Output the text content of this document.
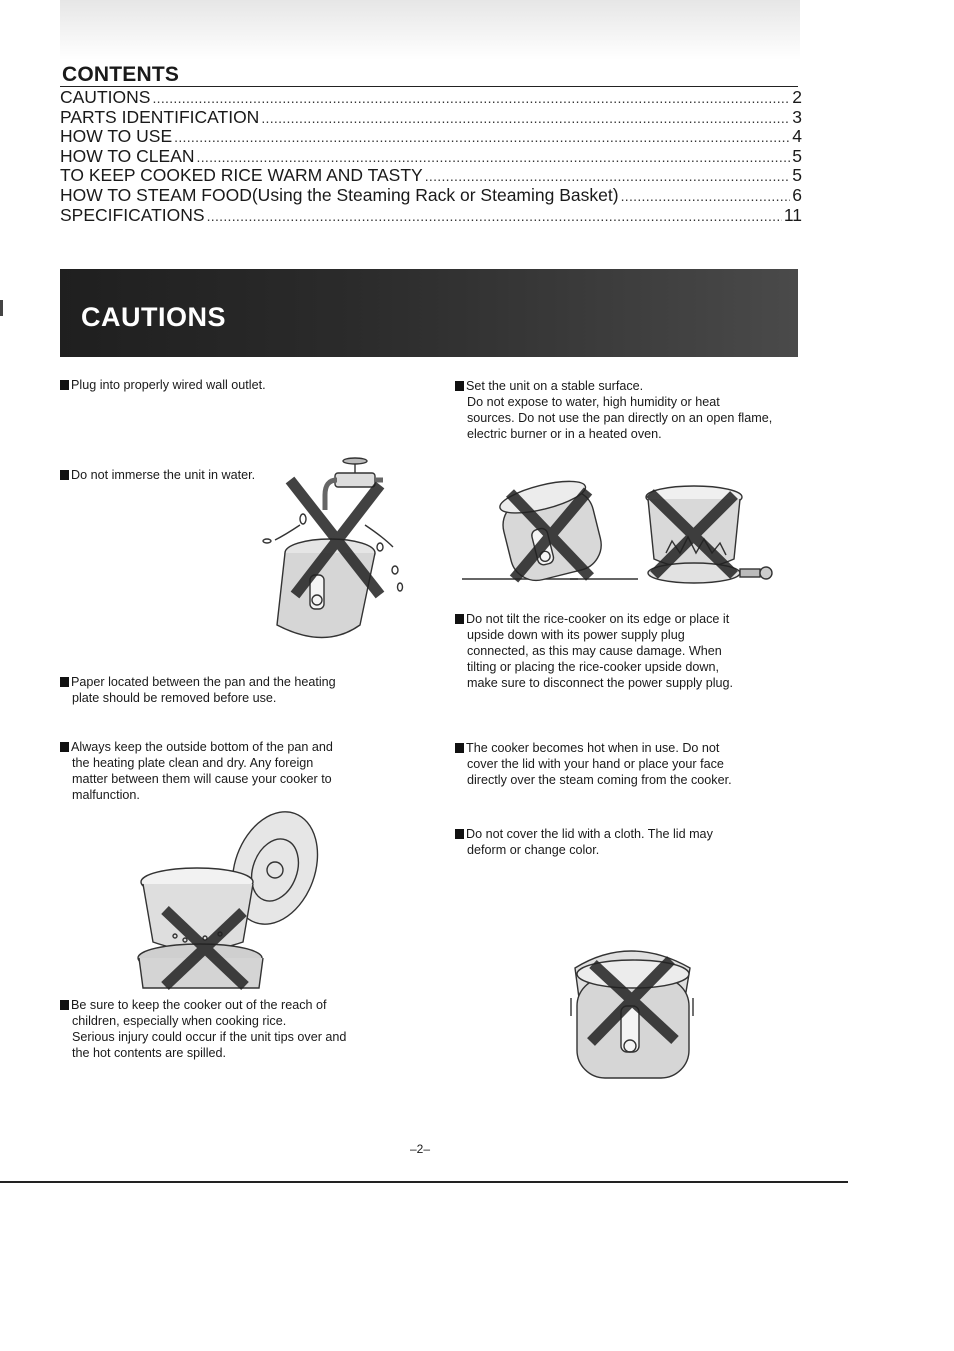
CONTENTS
CAUTIONS .....	2
PARTS IDENTIFICATION .....	3
HOW TO USE .....	4
HOW TO CLEAN .....	5
TO KEEP COOKED RICE WARM AND TASTY .....	5
HOW TO STEAM FOOD (Using the Steaming Rack or Steaming Basket) .....	6
SPECIFICATIONS .....	11
CAUTIONS
Plug into properly wired wall outlet.
Do not immerse the unit in water.
Paper located between the pan and the heating
plate should be removed before use.
Always keep the outside bottom of the pan and
the heating plate clean and dry. Any foreign
matter between them will cause your cooker to
malfunction.
Be sure to keep the cooker out of the reach of
children, especially when cooking rice.
Serious injury could occur if the unit tips over and
the hot contents are spilled.
Set the unit on a stable surface.
Do not expose to water, high humidity or heat
sources. Do not use the pan directly on an open flame,
electric burner or in a heated oven.
Do not tilt the rice-cooker on its edge or place it
upside down with its power supply plug
connected, as this may cause damage. When
tilting or placing the rice-cooker upside down,
make sure to disconnect the power supply plug.
The cooker becomes hot when in use. Do not
cover the lid with your hand or place your face
directly over the steam coming from the cooker.
Do not cover the lid with a cloth. The lid may
deform or change color.
–2–
